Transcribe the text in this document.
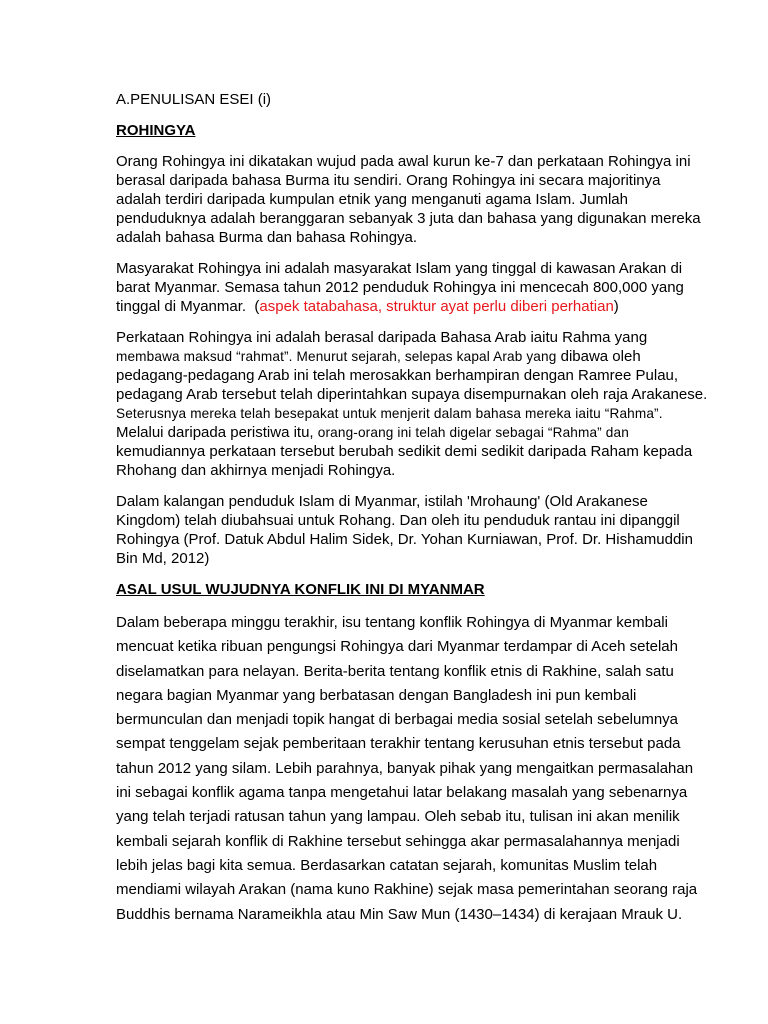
A.PENULISAN ESEI (i)
ROHINGYA
Orang Rohingya ini dikatakan wujud pada awal kurun ke-7 dan perkataan Rohingya ini
berasal daripada bahasa Burma itu sendiri. Orang Rohingya ini secara majoritinya
adalah terdiri daripada kumpulan etnik yang menganuti agama Islam. Jumlah
penduduknya adalah beranggaran sebanyak 3 juta dan bahasa yang digunakan mereka
adalah bahasa Burma dan bahasa Rohingya.
Masyarakat Rohingya ini adalah masyarakat Islam yang tinggal di kawasan Arakan di
barat Myanmar. Semasa tahun 2012 penduduk Rohingya ini mencecah 800,000 yang
tinggal di Myanmar.  (aspek tatabahasa, struktur ayat perlu diberi perhatian)
Perkataan Rohingya ini adalah berasal daripada Bahasa Arab iaitu Rahma yang
membawa maksud “rahmat”. Menurut sejarah, selepas kapal Arab yang dibawa oleh
pedagang-pedagang Arab ini telah merosakkan berhampiran dengan Ramree Pulau,
pedagang Arab tersebut telah diperintahkan supaya disempurnakan oleh raja Arakanese.
Seterusnya mereka telah besepakat untuk menjerit dalam bahasa mereka iaitu “Rahma”.
Melalui daripada peristiwa itu, orang-orang ini telah digelar sebagai “Rahma” dan
kemudiannya perkataan tersebut berubah sedikit demi sedikit daripada Raham kepada
Rhohang dan akhirnya menjadi Rohingya.
Dalam kalangan penduduk Islam di Myanmar, istilah 'Mrohaung' (Old Arakanese
Kingdom) telah diubahsuai untuk Rohang. Dan oleh itu penduduk rantau ini dipanggil
Rohingya (Prof. Datuk Abdul Halim Sidek, Dr. Yohan Kurniawan, Prof. Dr. Hishamuddin
Bin Md, 2012)
ASAL USUL WUJUDNYA KONFLIK INI DI MYANMAR
Dalam beberapa minggu terakhir, isu tentang konflik Rohingya di Myanmar kembali
mencuat ketika ribuan pengungsi Rohingya dari Myanmar terdampar di Aceh setelah
diselamatkan para nelayan. Berita-berita tentang konflik etnis di Rakhine, salah satu
negara bagian Myanmar yang berbatasan dengan Bangladesh ini pun kembali
bermunculan dan menjadi topik hangat di berbagai media sosial setelah sebelumnya
sempat tenggelam sejak pemberitaan terakhir tentang kerusuhan etnis tersebut pada
tahun 2012 yang silam. Lebih parahnya, banyak pihak yang mengaitkan permasalahan
ini sebagai konflik agama tanpa mengetahui latar belakang masalah yang sebenarnya
yang telah terjadi ratusan tahun yang lampau. Oleh sebab itu, tulisan ini akan menilik
kembali sejarah konflik di Rakhine tersebut sehingga akar permasalahannya menjadi
lebih jelas bagi kita semua. Berdasarkan catatan sejarah, komunitas Muslim telah
mendiami wilayah Arakan (nama kuno Rakhine) sejak masa pemerintahan seorang raja
Buddhis bernama Narameikhla atau Min Saw Mun (1430–1434) di kerajaan Mrauk U.
